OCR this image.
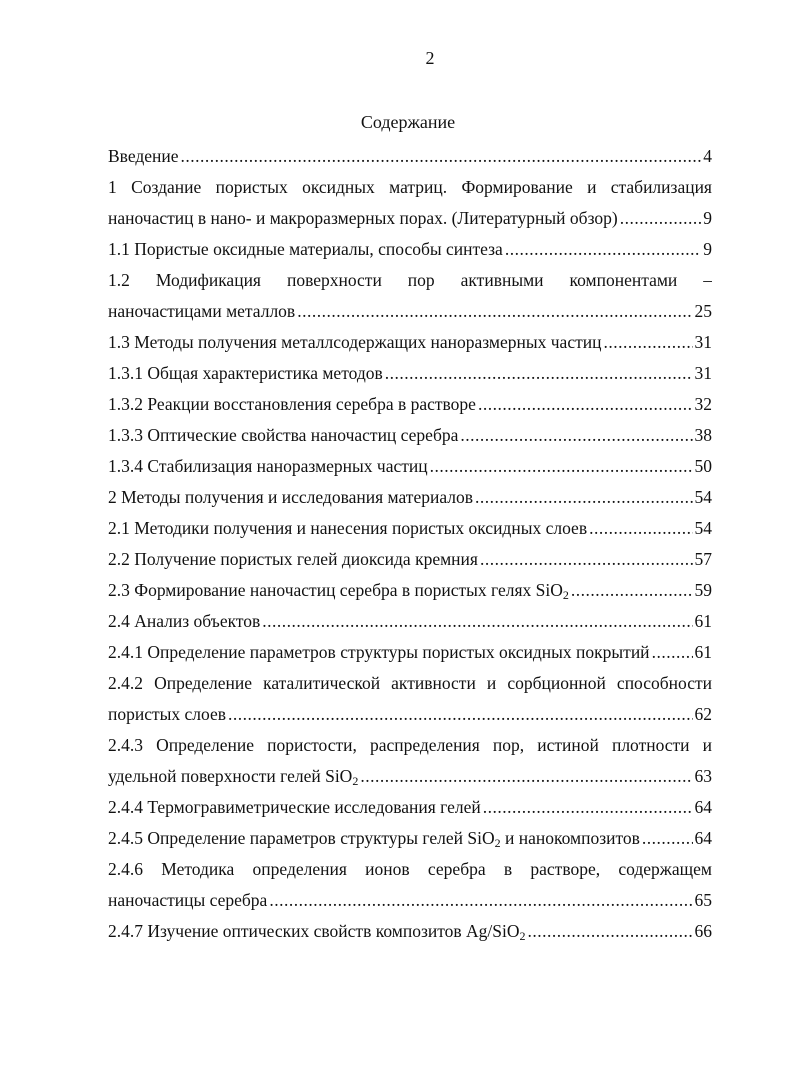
2
Содержание
Введение .....	4
1 Создание пористых оксидных матриц. Формирование и стабилизация
наночастиц в нано- и макроразмерных порах. (Литературный обзор) .....	9
1.1 Пористые оксидные материалы, способы синтеза .....	9
1.2 Модификация поверхности пор активными компонентами –
наночастицами металлов .....	25
1.3 Методы получения металлсодержащих наноразмерных частиц .....	31
1.3.1 Общая характеристика методов .....	31
1.3.2 Реакции восстановления серебра в растворе .....	32
1.3.3 Оптические свойства наночастиц серебра .....	38
1.3.4 Стабилизация наноразмерных частиц .....	50
2 Методы получения и исследования материалов .....	54
2.1 Методики получения и нанесения пористых оксидных слоев .....	54
2.2 Получение пористых гелей диоксида кремния .....	57
2.3 Формирование наночастиц серебра в пористых гелях SiO$_2$ .....	59
2.4 Анализ объектов .....	61
2.4.1 Определение параметров структуры пористых оксидных покрытий .....	61
2.4.2 Определение каталитической активности и сорбционной способности
пористых слоев .....	62
2.4.3 Определение пористости, распределения пор, истиной плотности и
удельной поверхности гелей SiO$_2$ .....	63
2.4.4 Термогравиметрические исследования гелей .....	64
2.4.5 Определение параметров структуры гелей SiO$_2$ и нанокомпозитов .....	64
2.4.6 Методика определения ионов серебра в растворе, содержащем
наночастицы серебра .....	65
2.4.7 Изучение оптических свойств композитов Ag/SiO$_2$ .....	66
